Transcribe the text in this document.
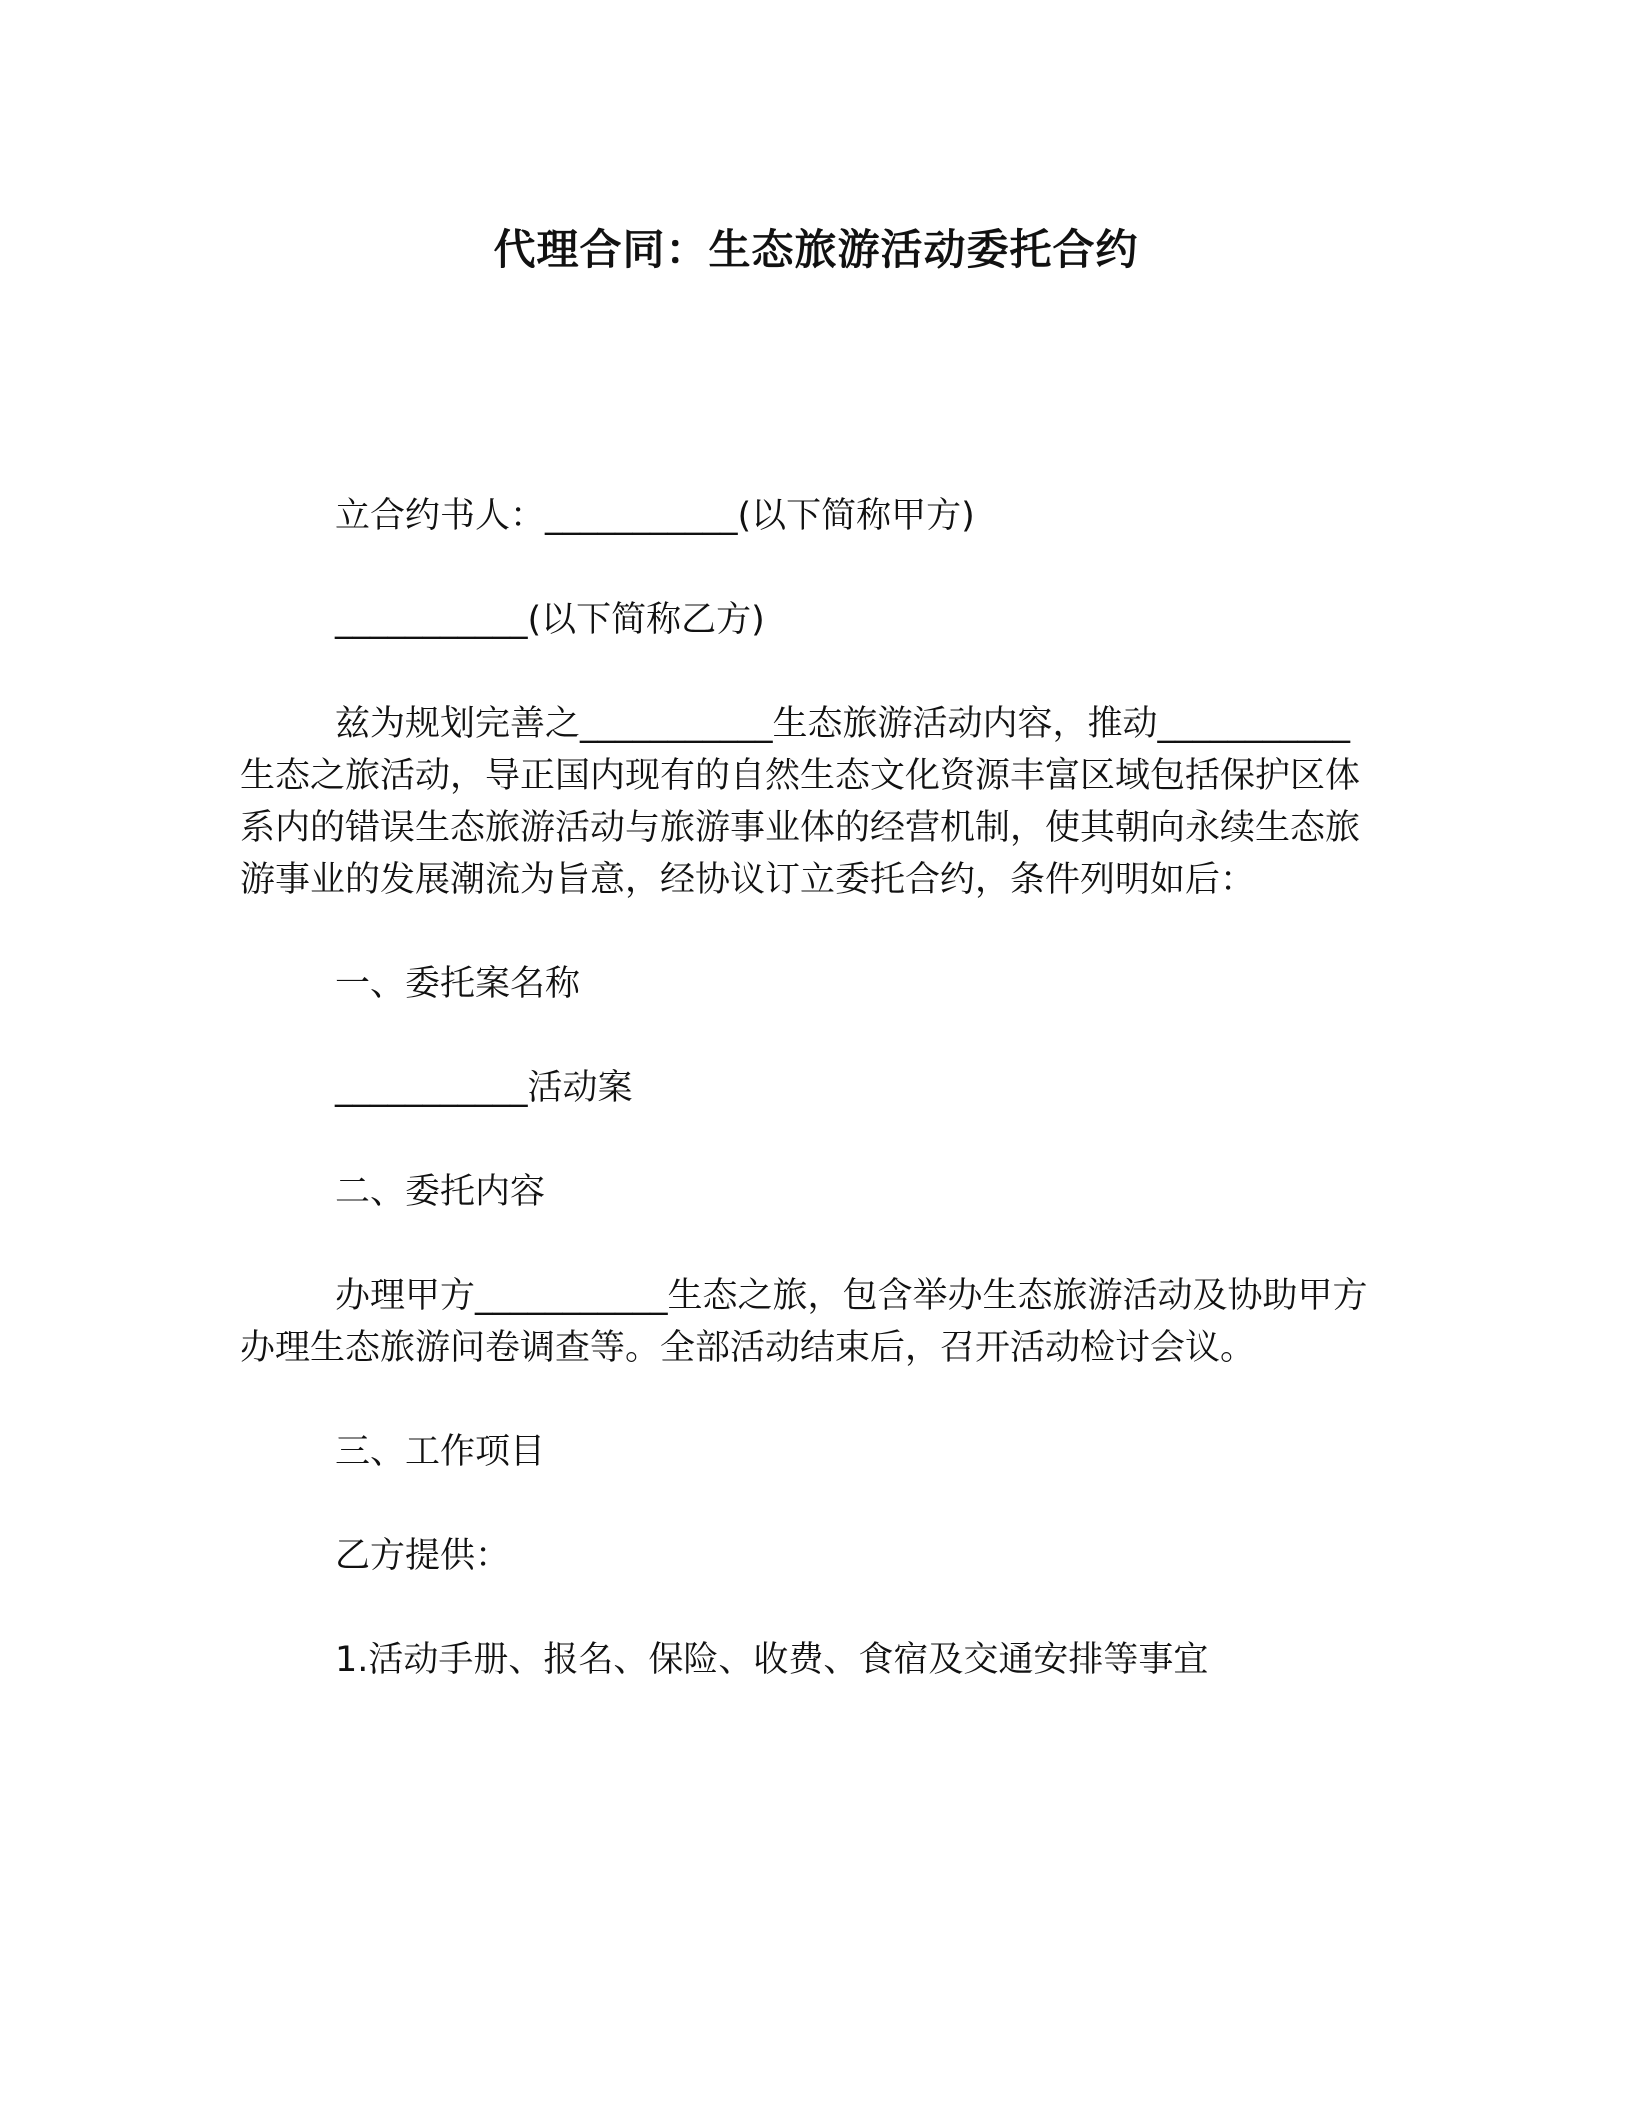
代理合同：生态旅游活动委托合约

立合约书人：___________(以下简称甲方)

___________(以下简称乙方)

兹为规划完善之___________生态旅游活动内容，推动___________生态之旅活动，导正国内现有的自然生态文化资源丰富区域包括保护区体系内的错误生态旅游活动与旅游事业体的经营机制，使其朝向永续生态旅游事业的发展潮流为旨意，经协议订立委托合约，条件列明如后：

一、委托案名称

___________活动案

二、委托内容

办理甲方___________生态之旅，包含举办生态旅游活动及协助甲方办理生态旅游问卷调查等。全部活动结束后，召开活动检讨会议。

三、工作项目

乙方提供：

1.活动手册、报名、保险、收费、食宿及交通安排等事宜
